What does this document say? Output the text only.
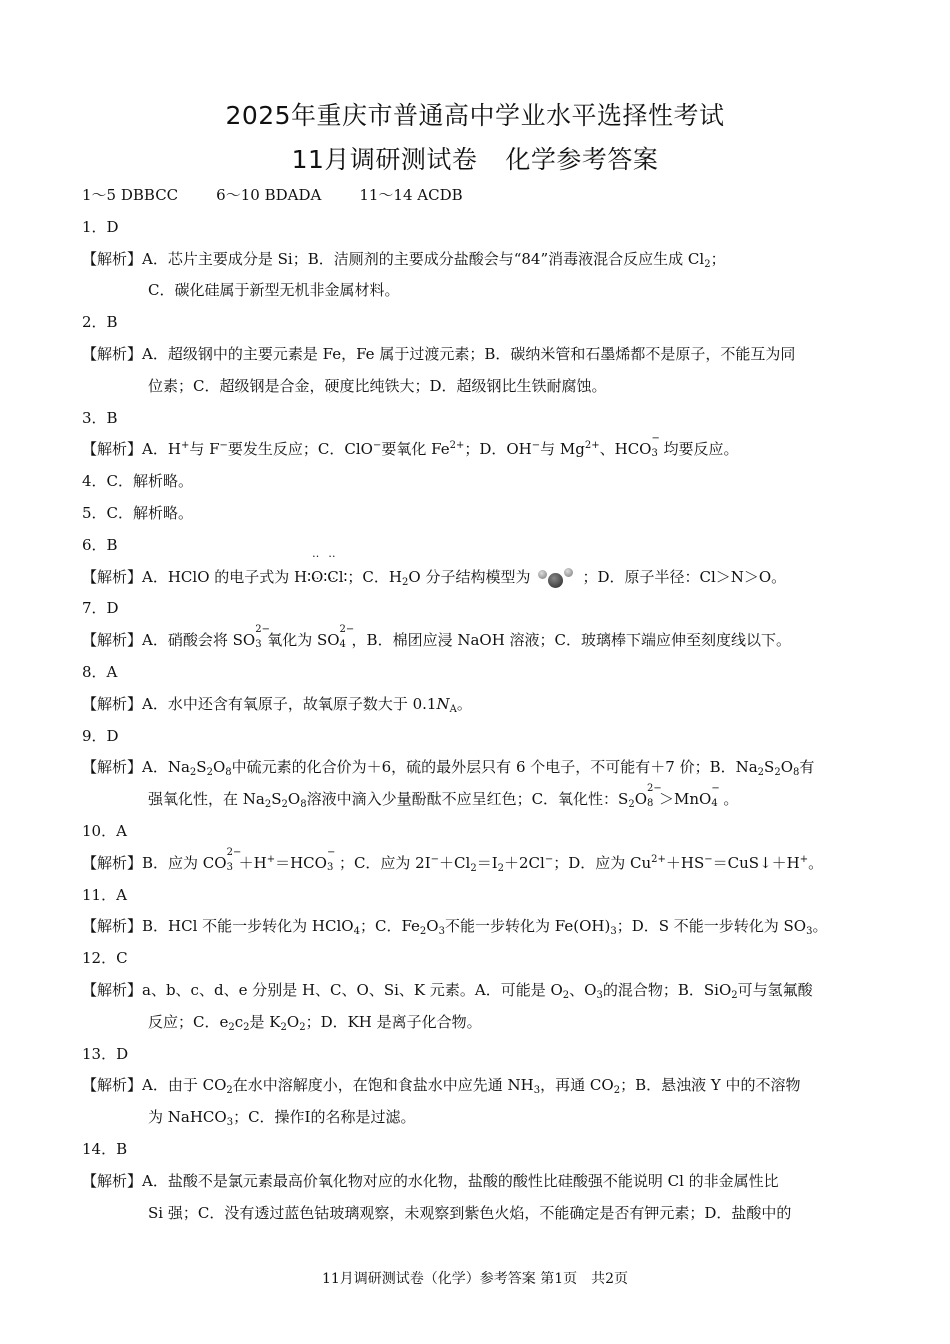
2025年重庆市普通高中学业水平选择性考试
11月调研测试卷 化学参考答案
1～5 DBBCC	6～10 BDADA	11～14 ACDB
1．D
【解析】A．芯片主要成分是 Si；B．洁厕剂的主要成分盐酸会与“84”消毒液混合反应生成 $Cl_2$；
C．碳化硅属于新型无机非金属材料。
2．B
【解析】A．超级钢中的主要元素是 Fe，Fe 属于过渡元素；B．碳纳米管和石墨烯都不是原子，不能互为同
位素；C．超级钢是合金，硬度比纯铁大；D．超级钢比生铁耐腐蚀。
3．B
【解析】A．H+与 F−要发生反应；C．ClO−要氧化 $Fe^{2+}$；D．OH−与 $Mg^{2+}$、HCO
−
3 均要反应。
4．C．解析略。
5．C．解析略。
6．B
【解析】A．HClO 的电子式为 H∶‥ O ‥∶‥ Cl ‥∶；C．$H_2O$ 分子结构模型为	；D．原子半径：Cl＞N＞O。
7．D
【解析】A．硝酸会将 SO
2−
3 氧化为 SO
2−
4 ，B．棉团应浸 NaOH 溶液；C．玻璃棒下端应伸至刻度线以下。
8．A
【解析】A．水中还含有氧原子，故氧原子数大于 $0.1N_A$。
9．D
【解析】A．$Na_2S_2O_8$中硫元素的化合价为＋6，硫的最外层只有 6 个电子，不可能有＋7 价；B．$Na_2S_2O_8$有
强氧化性，在 $Na_2S_2O_8$溶液中滴入少量酚酞不应呈红色；C．氧化性：$S_2O$
2−
8 ＞MnO
−
4 。
10．A
【解析】B．应为 CO
2−
3 ＋H+＝HCO
−
3 ；C．应为 $2I^-+Cl_2=I_2+2Cl^-$；D．应为 $Cu^{2+}+HS^-=CuS↓+H^+$。
11．A
【解析】B．HCl 不能一步转化为 HClO$_4$；C．$Fe_2O_3$不能一步转化为 $Fe(OH)_3$；D．S 不能一步转化为 $SO_3$。
12．C
【解析】a、b、c、d、e 分别是 H、C、O、Si、K 元素。A．可能是 $O_2$、$O_3$的混合物；B．SiO$_2$可与氢氟酸
反应；C．$e_2c_2$是 $K_2O_2$；D．KH 是离子化合物。
13．D
【解析】A．由于 $CO_2$在水中溶解度小，在饱和食盐水中应先通 $NH_3$，再通 $CO_2$；B．悬浊液 Y 中的不溶物
为 NaHCO$_3$；C．操作Ⅰ的名称是过滤。
14．B
【解析】A．盐酸不是氯元素最高价氧化物对应的水化物，盐酸的酸性比硅酸强不能说明 Cl 的非金属性比
Si 强；C．没有透过蓝色钴玻璃观察，未观察到紫色火焰，不能确定是否有钾元素；D．盐酸中的
11月调研测试卷（化学）参考答案 第1页　共2页
